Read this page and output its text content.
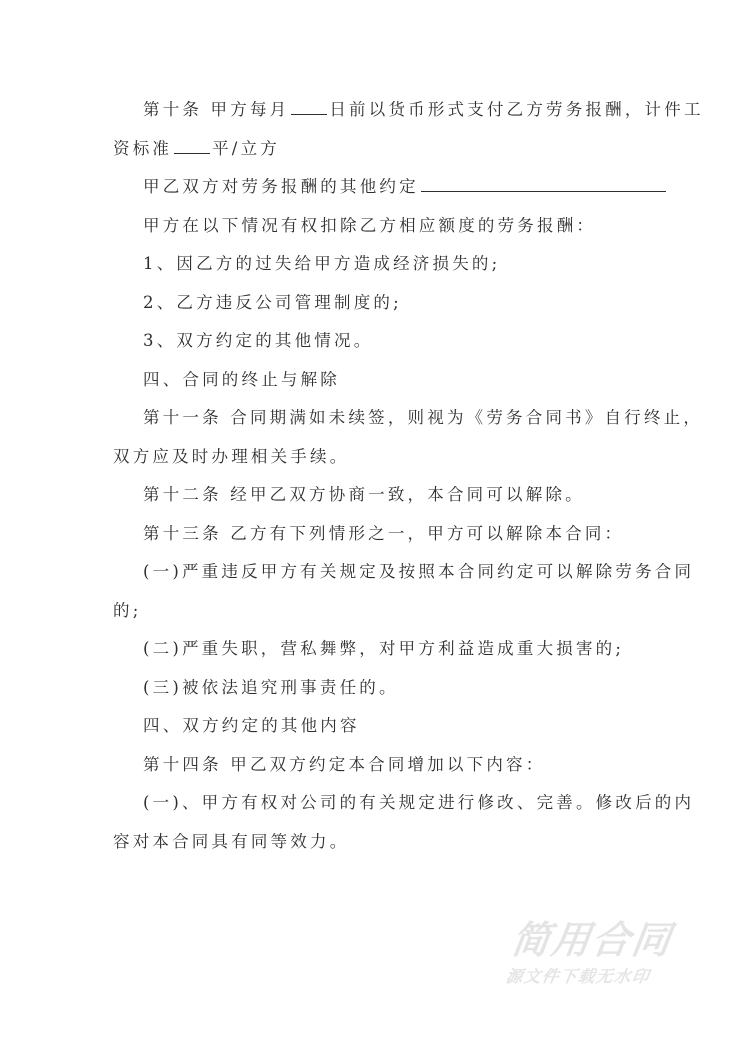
第十条 甲方每月 日前以货币形式支付乙方劳务报酬，计件工
资标准 平/立方
甲乙双方对劳务报酬的其他约定
甲方在以下情况有权扣除乙方相应额度的劳务报酬：
1、因乙方的过失给甲方造成经济损失的;
2、乙方违反公司管理制度的;
3、双方约定的其他情况。
四、合同的终止与解除
第十一条 合同期满如未续签，则视为《劳务合同书》自行终止，
双方应及时办理相关手续。
第十二条 经甲乙双方协商一致，本合同可以解除。
第十三条 乙方有下列情形之一，甲方可以解除本合同：
(一)严重违反甲方有关规定及按照本合同约定可以解除劳务合同
的;
(二)严重失职，营私舞弊，对甲方利益造成重大损害的;
(三)被依法追究刑事责任的。
四、双方约定的其他内容
第十四条 甲乙双方约定本合同增加以下内容：
(一)、甲方有权对公司的有关规定进行修改、完善。修改后的内
容对本合同具有同等效力。
简用合同
源文件下载无水印
